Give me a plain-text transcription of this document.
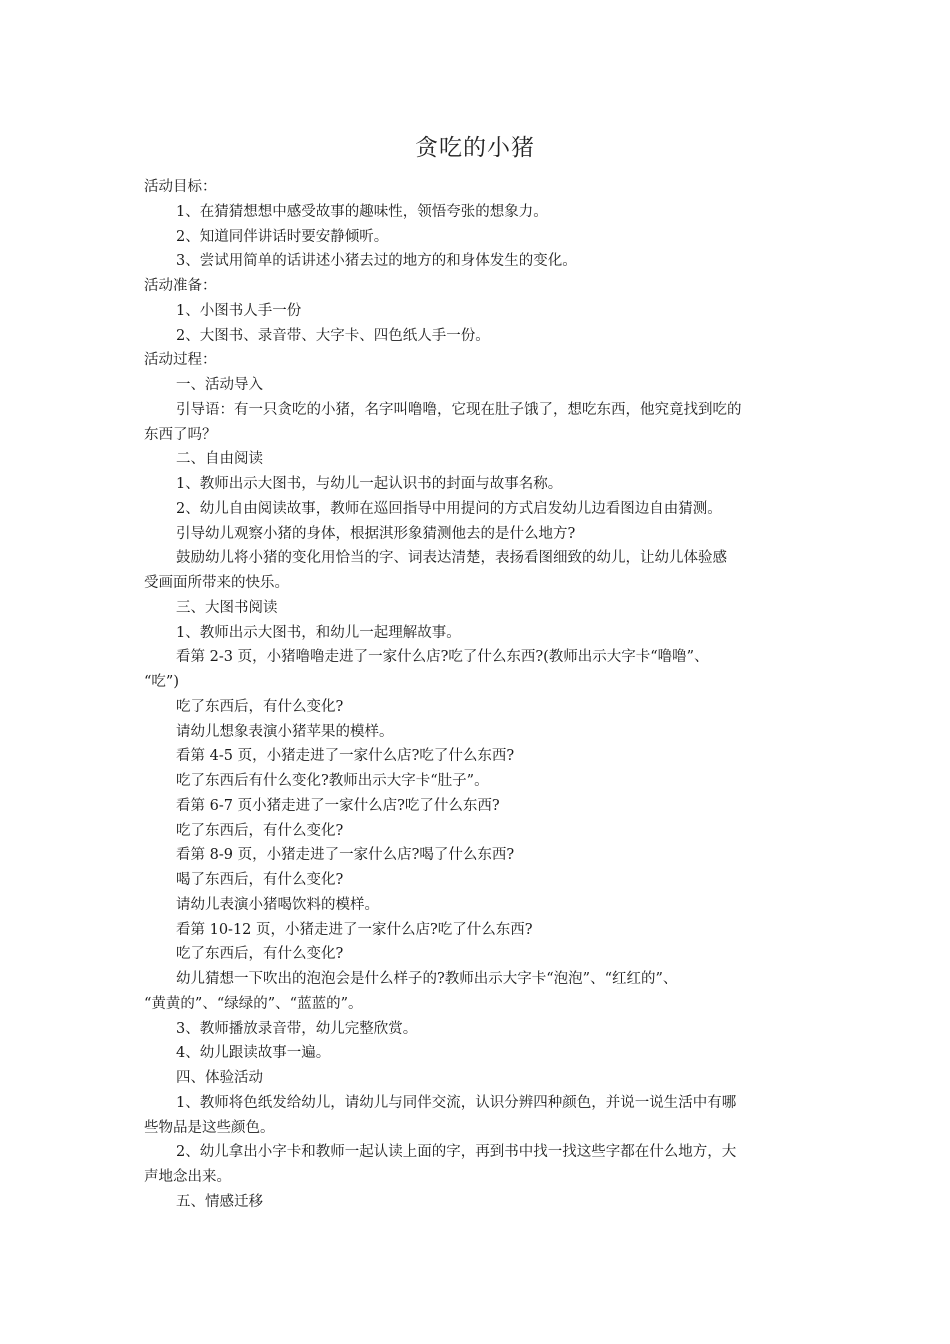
贪吃的小猪

活动目标：

1、在猜猜想想中感受故事的趣味性，领悟夸张的想象力。

2、知道同伴讲话时要安静倾听。

3、尝试用简单的话讲述小猪去过的地方的和身体发生的变化。

活动准备：

1、小图书人手一份

2、大图书、录音带、大字卡、四色纸人手一份。

活动过程：

一、活动导入

引导语：有一只贪吃的小猪，名字叫噜噜，它现在肚子饿了，想吃东西，他究竟找到吃的

东西了吗？

二、自由阅读

1、教师出示大图书，与幼儿一起认识书的封面与故事名称。

2、幼儿自由阅读故事，教师在巡回指导中用提问的方式启发幼儿边看图边自由猜测。

引导幼儿观察小猪的身体，根据淇形象猜测他去的是什么地方?

鼓励幼儿将小猪的变化用恰当的字、词表达清楚，表扬看图细致的幼儿，让幼儿体验感

受画面所带来的快乐。

三、大图书阅读

1、教师出示大图书，和幼儿一起理解故事。

看第 2-3 页，小猪噜噜走进了一家什么店?吃了什么东西?(教师出示大字卡“噜噜”、

“吃”)

吃了东西后，有什么变化?

请幼儿想象表演小猪苹果的模样。

看第 4-5 页，小猪走进了一家什么店?吃了什么东西?

吃了东西后有什么变化?教师出示大字卡“肚子”。

看第 6-7 页小猪走进了一家什么店?吃了什么东西?

吃了东西后，有什么变化?

看第 8-9 页，小猪走进了一家什么店?喝了什么东西?

喝了东西后，有什么变化?

请幼儿表演小猪喝饮料的模样。

看第 10-12 页，小猪走进了一家什么店?吃了什么东西?

吃了东西后，有什么变化?

幼儿猜想一下吹出的泡泡会是什么样子的?教师出示大字卡“泡泡”、“红红的”、

“黄黄的”、“绿绿的”、“蓝蓝的”。

3、教师播放录音带，幼儿完整欣赏。

4、幼儿跟读故事一遍。

四、体验活动

1、教师将色纸发给幼儿，请幼儿与同伴交流，认识分辨四种颜色，并说一说生活中有哪

些物品是这些颜色。

2、幼儿拿出小字卡和教师一起认读上面的字，再到书中找一找这些字都在什么地方，大

声地念出来。

五、情感迁移
